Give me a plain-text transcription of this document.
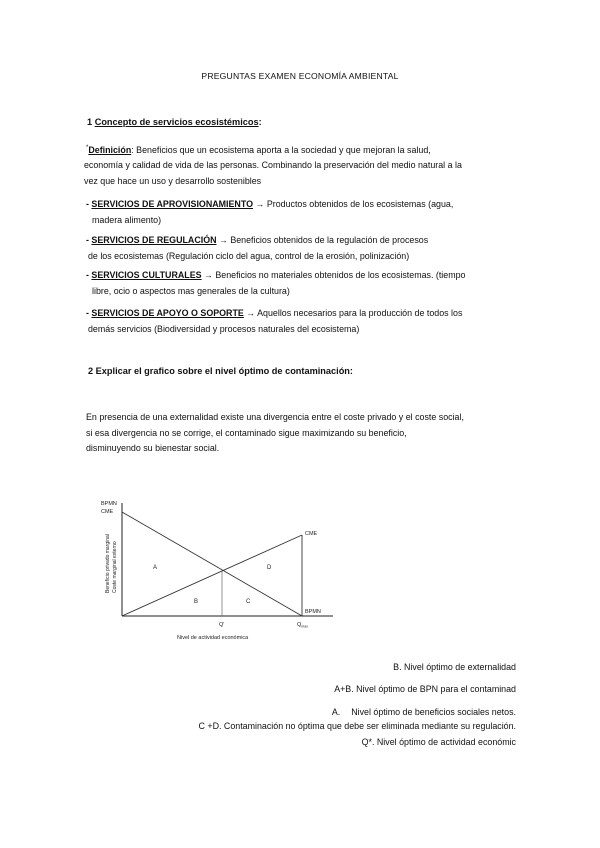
PREGUNTAS EXAMEN ECONOMÍA AMBIENTAL
1 Concepto de servicios ecosistémicos:
*Definición: Beneficios que un ecosistema aporta a la sociedad y que mejoran la salud,
economía y calidad de vida de las personas. Combinando la preservación del medio natural a la
vez que hace un uso y desarrollo sostenibles
- SERVICIOS DE APROVISIONAMIENTO → Productos obtenidos de los ecosistemas (agua,
madera alimento)
- SERVICIOS DE REGULACIÓN → Beneficios obtenidos de la regulación de procesos
de los ecosistemas (Regulación ciclo del agua, control de la erosión, polinización)
- SERVICIOS CULTURALES → Beneficios no materiales obtenidos de los ecosistemas. (tiempo
libre, ocio o aspectos mas generales de la cultura)
- SERVICIOS DE APOYO O SOPORTE → Aquellos necesarios para la producción de todos los
demás servicios (Biodiversidad y procesos naturales del ecosistema)
2 Explicar el grafico sobre el nivel óptimo de contaminación:
En presencia de una externalidad existe una divergencia entre el coste privado y el coste social,
si esa divergencia no se corrige, el contaminado sigue maximizando su beneficio,
disminuyendo su bienestar social.
BPMN
CME
Beneficio privado marginal Coste marginal externo	A
B	C
D
CME
BPMN
Q'	$Q_{max}$
Nivel de actividad económica
B. Nivel óptimo de externalidad
A+B. Nivel óptimo de BPN para el contaminad
A. Nivel óptimo de beneficios sociales netos.
C +D. Contaminación no óptima que debe ser eliminada mediante su regulación.
Q*. Nivel óptimo de actividad económic
